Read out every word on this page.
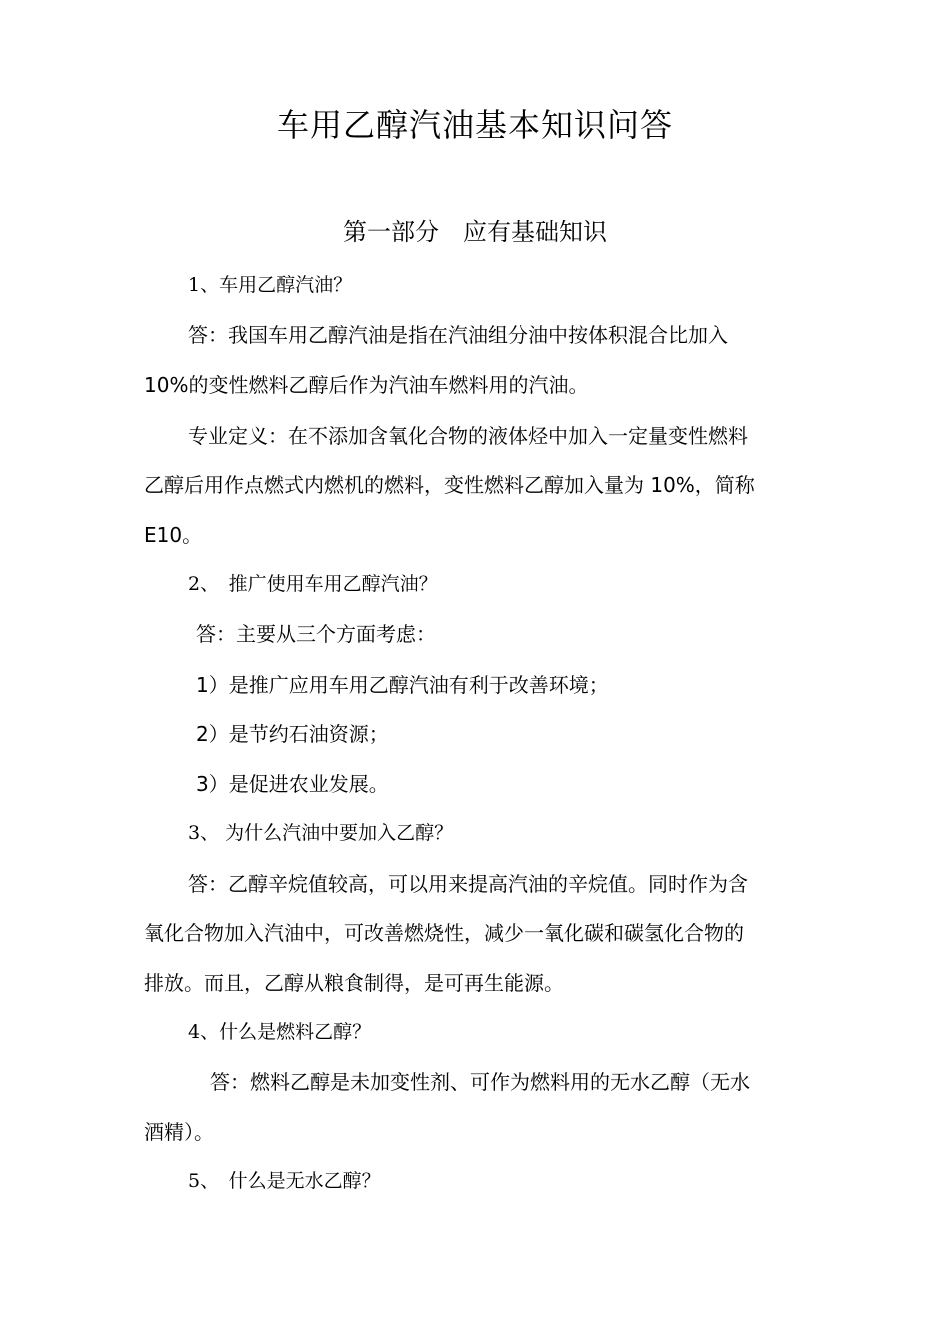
车用乙醇汽油基本知识问答
第一部分　应有基础知识
1、车用乙醇汽油？
答：我国车用乙醇汽油是指在汽油组分油中按体积混合比加入
10%的变性燃料乙醇后作为汽油车燃料用的汽油。
专业定义：在不添加含氧化合物的液体烃中加入一定量变性燃料
乙醇后用作点燃式内燃机的燃料，变性燃料乙醇加入量为 10%，简称
E10。
2、　推广使用车用乙醇汽油？
答：主要从三个方面考虑：
1）是推广应用车用乙醇汽油有利于改善环境；
2）是节约石油资源；
3）是促进农业发展。
3、 为什么汽油中要加入乙醇？
答：乙醇辛烷值较高，可以用来提高汽油的辛烷值。同时作为含
氧化合物加入汽油中，可改善燃烧性，减少一氧化碳和碳氢化合物的
排放。而且，乙醇从粮食制得，是可再生能源。
4、什么是燃料乙醇？
答：燃料乙醇是未加变性剂、可作为燃料用的无水乙醇（无水
酒精）。
5、　什么是无水乙醇？
